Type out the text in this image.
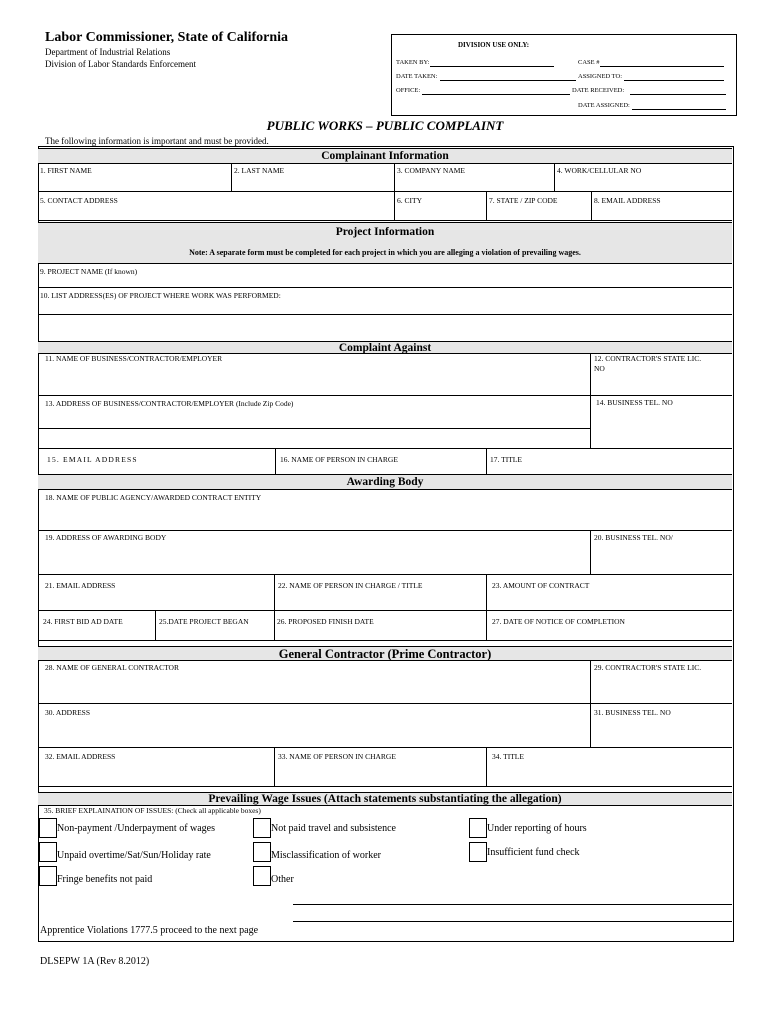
Labor Commissioner, State of California
Department of Industrial Relations
Division of Labor Standards Enforcement
DIVISION USE ONLY:
TAKEN BY:	CASE #
DATE TAKEN:	ASSIGNED TO:
OFFICE:	DATE RECEIVED:
DATE ASSIGNED:
PUBLIC WORKS – PUBLIC COMPLAINT
The following information is important and must be provided.
Complainant Information
1. FIRST NAME	2. LAST NAME	3. COMPANY NAME	4. WORK/CELLULAR NO
5. CONTACT ADDRESS	6. CITY	7. STATE / ZIP CODE	8. EMAIL ADDRESS
Project Information
Note: A separate form must be completed for each project in which you are alleging a violation of prevailing wages.
9. PROJECT NAME (If known)
10. LIST ADDRESS(ES) OF PROJECT WHERE WORK WAS PERFORMED:
Complaint Against
11. NAME OF BUSINESS/CONTRACTOR/EMPLOYER	12. CONTRACTOR'S STATE LIC.
NO
13. ADDRESS OF BUSINESS/CONTRACTOR/EMPLOYER (Include Zip Code)	14. BUSINESS TEL. NO
15. EMAIL ADDRESS	16. NAME OF PERSON IN CHARGE	17. TITLE
Awarding Body
18. NAME OF PUBLIC AGENCY/AWARDED CONTRACT ENTITY
19. ADDRESS OF AWARDING BODY	20. BUSINESS TEL. NO/
21. EMAIL ADDRESS	22. NAME OF PERSON IN CHARGE / TITLE	23. AMOUNT OF CONTRACT
24. FIRST BID AD DATE	25.DATE PROJECT BEGAN	26. PROPOSED FINISH DATE	27. DATE OF NOTICE OF COMPLETION
General Contractor (Prime Contractor)
28. NAME OF GENERAL CONTRACTOR	29. CONTRACTOR'S STATE LIC.
30. ADDRESS	31. BUSINESS TEL. NO
32. EMAIL ADDRESS	33. NAME OF PERSON IN CHARGE	34. TITLE
Prevailing Wage Issues (Attach statements substantiating the allegation)
35. BRIEF EXPLAINATION OF ISSUES: (Check all applicable boxes)
Non-payment /Underpayment of wages	Not paid travel and subsistence	Under reporting of hours
Unpaid overtime/Sat/Sun/Holiday rate	Misclassification of worker	Insufficient fund check
Fringe benefits not paid	Other
Apprentice Violations 1777.5 proceed to the next page
DLSEPW 1A (Rev 8.2012)
